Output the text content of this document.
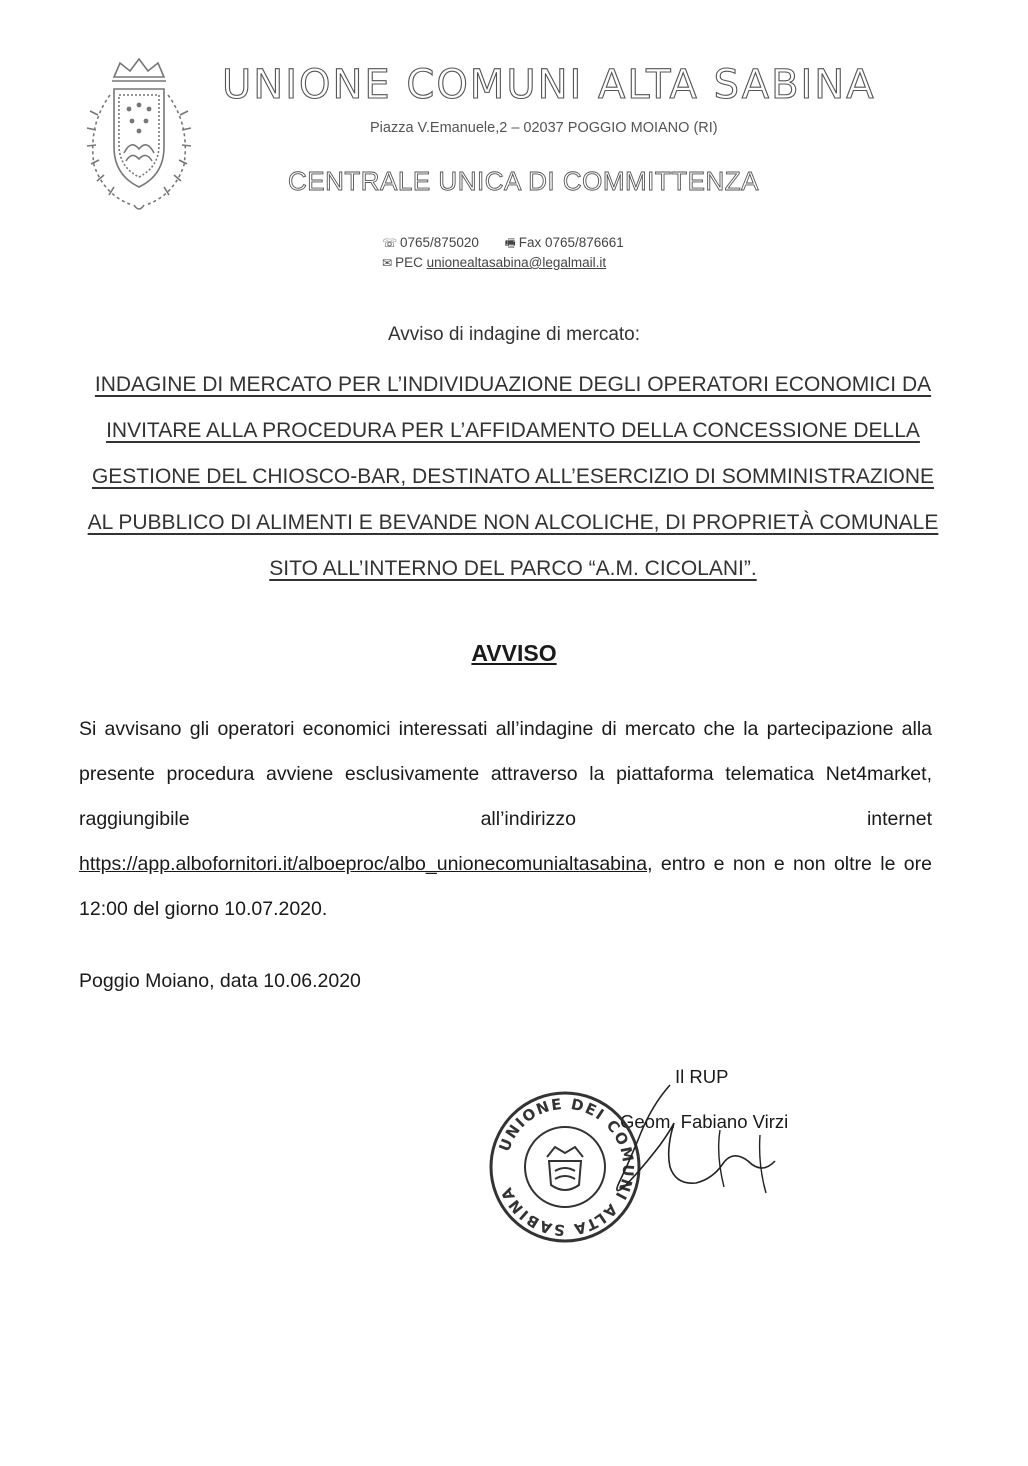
UNIONE COMUNI ALTA SABINA
Piazza V.Emanuele,2 – 02037 POGGIO MOIANO (RI)
CENTRALE UNICA DI COMMITTENZA
☏ 0765/875020 🖷 Fax 0765/876661
✉ PEC unionealtasabina@legalmail.it
Avviso di indagine di mercato:
INDAGINE DI MERCATO PER L’INDIVIDUAZIONE DEGLI OPERATORI ECONOMICI DA INVITARE ALLA PROCEDURA PER L’AFFIDAMENTO DELLA CONCESSIONE DELLA GESTIONE DEL CHIOSCO-BAR, DESTINATO ALL’ESERCIZIO DI SOMMINISTRAZIONE AL PUBBLICO DI ALIMENTI E BEVANDE NON ALCOLICHE, DI PROPRIETÀ COMUNALE SITO ALL’INTERNO DEL PARCO “A.M. CICOLANI”.
AVVISO
Si avvisano gli operatori economici interessati all’indagine di mercato che la partecipazione alla presente procedura avviene esclusivamente attraverso la piattaforma telematica Net4market, raggiungibile all’indirizzo internet https://app.albofornitori.it/alboeproc/albo_unionecomunialtasabina, entro e non e non oltre le ore 12:00 del giorno 10.07.2020.
Poggio Moiano, data 10.06.2020
Il RUP
Geom. Fabiano Virzi
UNIONE DEI COMUNI ALTA SABINA
